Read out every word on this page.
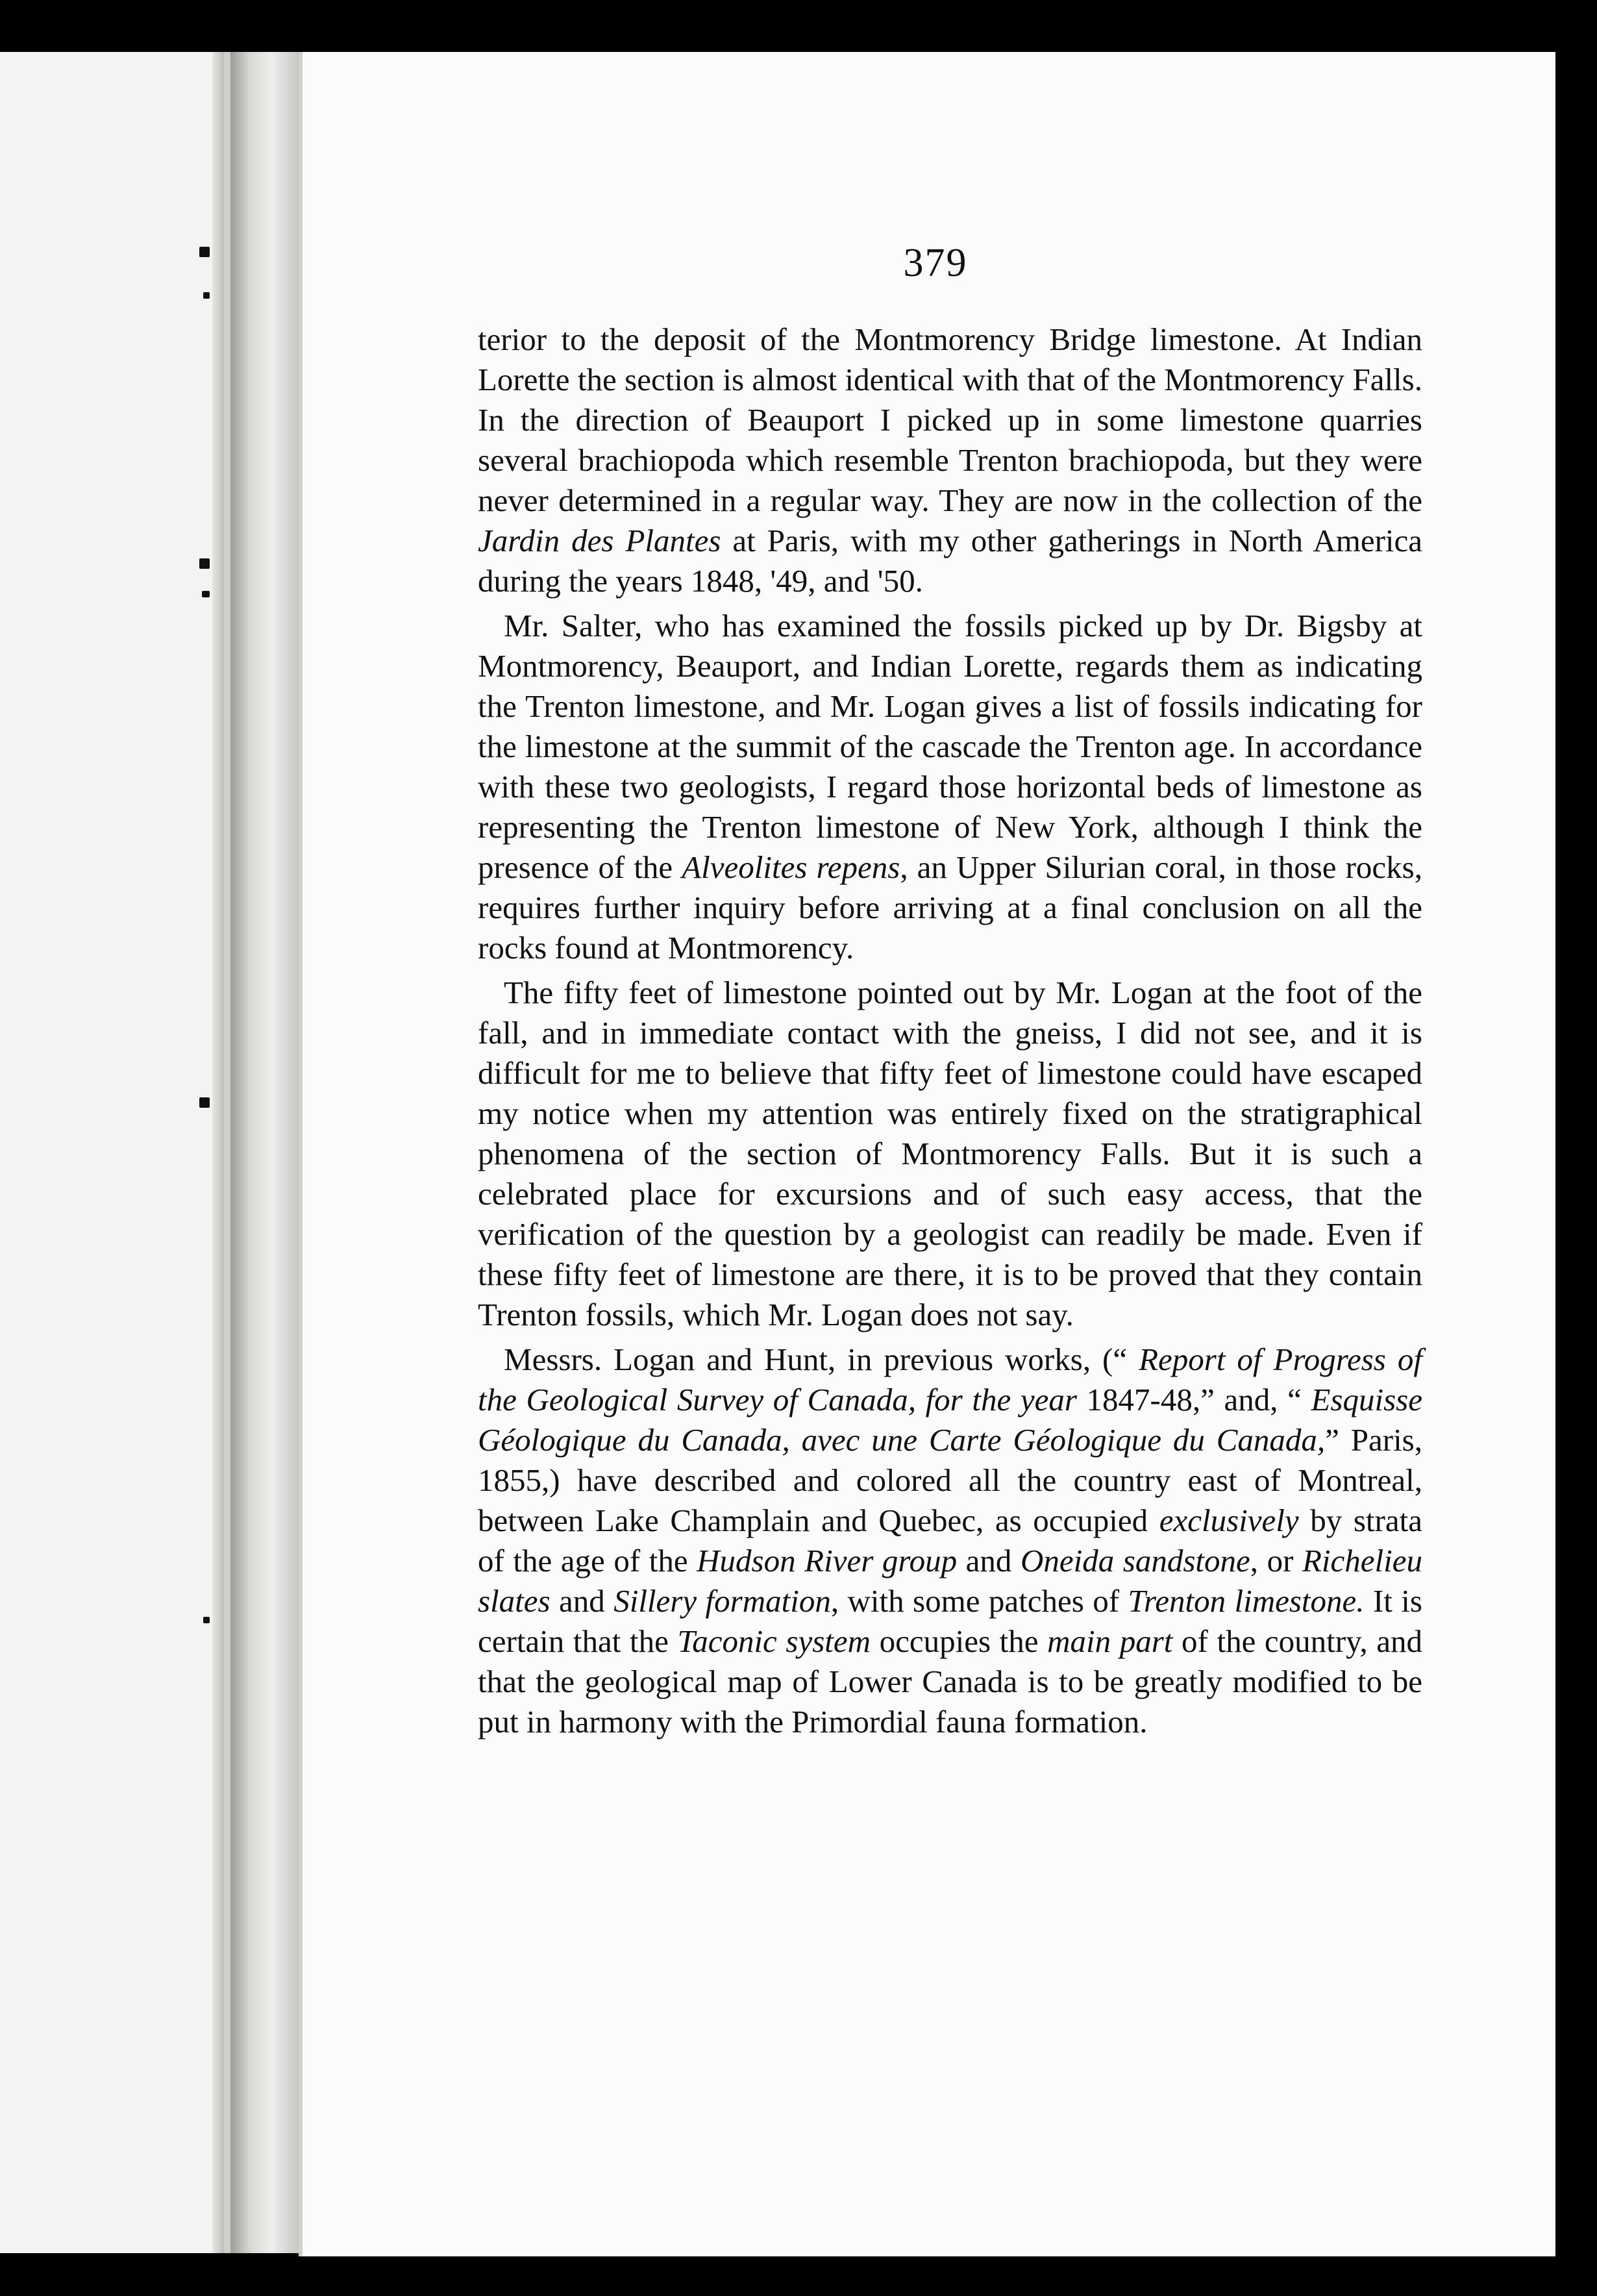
379

terior to the deposit of the Montmorency Bridge limestone. At Indian Lorette the section is almost identical with that of the Montmorency Falls. In the direction of Beauport I picked up in some limestone quarries several brachiopoda which resemble Trenton brachiopoda, but they were never determined in a regular way. They are now in the collection of the Jardin des Plantes at Paris, with my other gatherings in North America during the years 1848, '49, and '50.

Mr. Salter, who has examined the fossils picked up by Dr. Bigsby at Montmorency, Beauport, and Indian Lorette, regards them as indicating the Trenton limestone, and Mr. Logan gives a list of fossils indicating for the limestone at the summit of the cascade the Trenton age. In accordance with these two geologists, I regard those horizontal beds of limestone as representing the Trenton limestone of New York, although I think the presence of the Alveolites repens, an Upper Silurian coral, in those rocks, requires further inquiry before arriving at a final conclusion on all the rocks found at Montmorency.

The fifty feet of limestone pointed out by Mr. Logan at the foot of the fall, and in immediate contact with the gneiss, I did not see, and it is difficult for me to believe that fifty feet of limestone could have escaped my notice when my attention was entirely fixed on the stratigraphical phenomena of the section of Montmorency Falls. But it is such a celebrated place for excursions and of such easy access, that the verification of the question by a geologist can readily be made. Even if these fifty feet of limestone are there, it is to be proved that they contain Trenton fossils, which Mr. Logan does not say.

Messrs. Logan and Hunt, in previous works, (“ Report of Progress of the Geological Survey of Canada, for the year 1847-48,” and, “ Esquisse Géologique du Canada, avec une Carte Géologique du Canada,” Paris, 1855,) have described and colored all the country east of Montreal, between Lake Champlain and Quebec, as occupied exclusively by strata of the age of the Hudson River group and Oneida sandstone, or Richelieu slates and Sillery formation, with some patches of Trenton limestone. It is certain that the Taconic system occupies the main part of the country, and that the geological map of Lower Canada is to be greatly modified to be put in harmony with the Primordial fauna formation.
